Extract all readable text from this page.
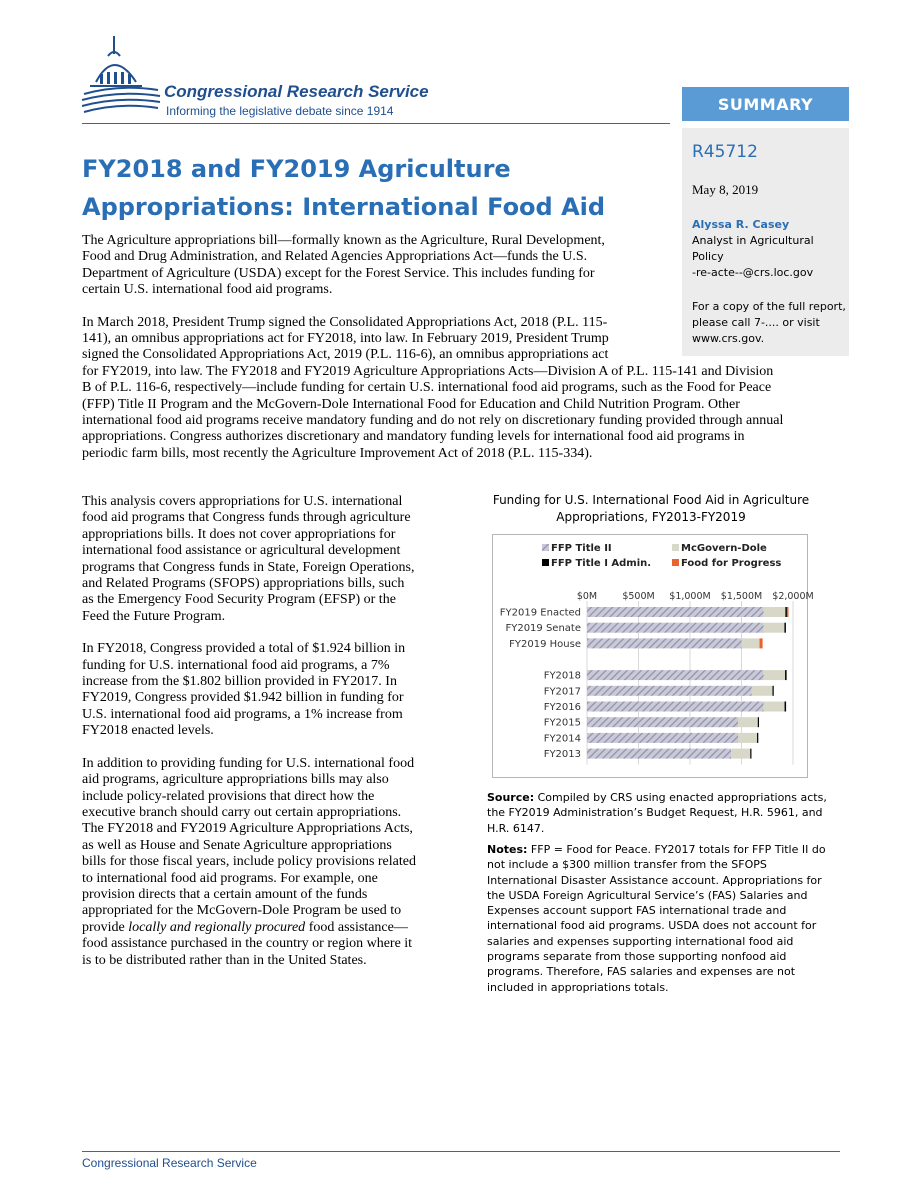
Congressional Research Service
Informing the legislative debate since 1914	SUMMARY
R45712
May 8, 2019
Alyssa R. Casey
Analyst in Agricultural
Policy
-re-acte--@crs.loc.gov
For a copy of the full report,
please call 7-.... or visit
www.crs.gov.
FY2018 and FY2019 Agriculture
Appropriations: International Food Aid
The Agriculture appropriations bill—formally known as the Agriculture, Rural Development,
Food and Drug Administration, and Related Agencies Appropriations Act—funds the U.S.
Department of Agriculture (USDA) except for the Forest Service. This includes funding for
certain U.S. international food aid programs.
In March 2018, President Trump signed the Consolidated Appropriations Act, 2018 (P.L. 115-
141), an omnibus appropriations act for FY2018, into law. In February 2019, President Trump
signed the Consolidated Appropriations Act, 2019 (P.L. 116-6), an omnibus appropriations act
for FY2019, into law. The FY2018 and FY2019 Agriculture Appropriations Acts—Division A of P.L. 115-141 and Division
B of P.L. 116-6, respectively—include funding for certain U.S. international food aid programs, such as the Food for Peace
(FFP) Title II Program and the McGovern-Dole International Food for Education and Child Nutrition Program. Other
international food aid programs receive mandatory funding and do not rely on discretionary funding provided through annual
appropriations. Congress authorizes discretionary and mandatory funding levels for international food aid programs in
periodic farm bills, most recently the Agriculture Improvement Act of 2018 (P.L. 115-334).
This analysis covers appropriations for U.S. international
food aid programs that Congress funds through agriculture
appropriations bills. It does not cover appropriations for
international food assistance or agricultural development
programs that Congress funds in State, Foreign Operations,
and Related Programs (SFOPS) appropriations bills, such
as the Emergency Food Security Program (EFSP) or the
Feed the Future Program.
In FY2018, Congress provided a total of $1.924 billion in
funding for U.S. international food aid programs, a 7%
increase from the $1.802 billion provided in FY2017. In
FY2019, Congress provided $1.942 billion in funding for
U.S. international food aid programs, a 1% increase from
FY2018 enacted levels.
In addition to providing funding for U.S. international food
aid programs, agriculture appropriations bills may also
include policy-related provisions that direct how the
executive branch should carry out certain appropriations.
The FY2018 and FY2019 Agriculture Appropriations Acts,
as well as House and Senate Agriculture appropriations
bills for those fiscal years, include policy provisions related
to international food aid programs. For example, one
provision directs that a certain amount of the funds
appropriated for the McGovern-Dole Program be used to
provide locally and regionally procured food assistance—
food assistance purchased in the country or region where it
is to be distributed rather than in the United States.
Funding for U.S. International Food Aid in Agriculture
Appropriations, FY2013-FY2019
FFP Title II	McGovern-Dole
FFP Title I Admin.	Food for Progress
$0M	$500M $1,000M $1,500M $2,000M
FY2019 Enacted
FY2019 Senate
FY2019 House
FY2018
FY2017
FY2016
FY2015
FY2014
FY2013
Source: Compiled by CRS using enacted appropriations acts,
the FY2019 Administration’s Budget Request, H.R. 5961, and
H.R. 6147.
Notes: FFP = Food for Peace. FY2017 totals for FFP Title II do
not include a $300 million transfer from the SFOPS
International Disaster Assistance account. Appropriations for
the USDA Foreign Agricultural Service’s (FAS) Salaries and
Expenses account support FAS international trade and
international food aid programs. USDA does not account for
salaries and expenses supporting international food aid
programs separate from those supporting nonfood aid
programs. Therefore, FAS salaries and expenses are not
included in appropriations totals.
Congressional Research Service
